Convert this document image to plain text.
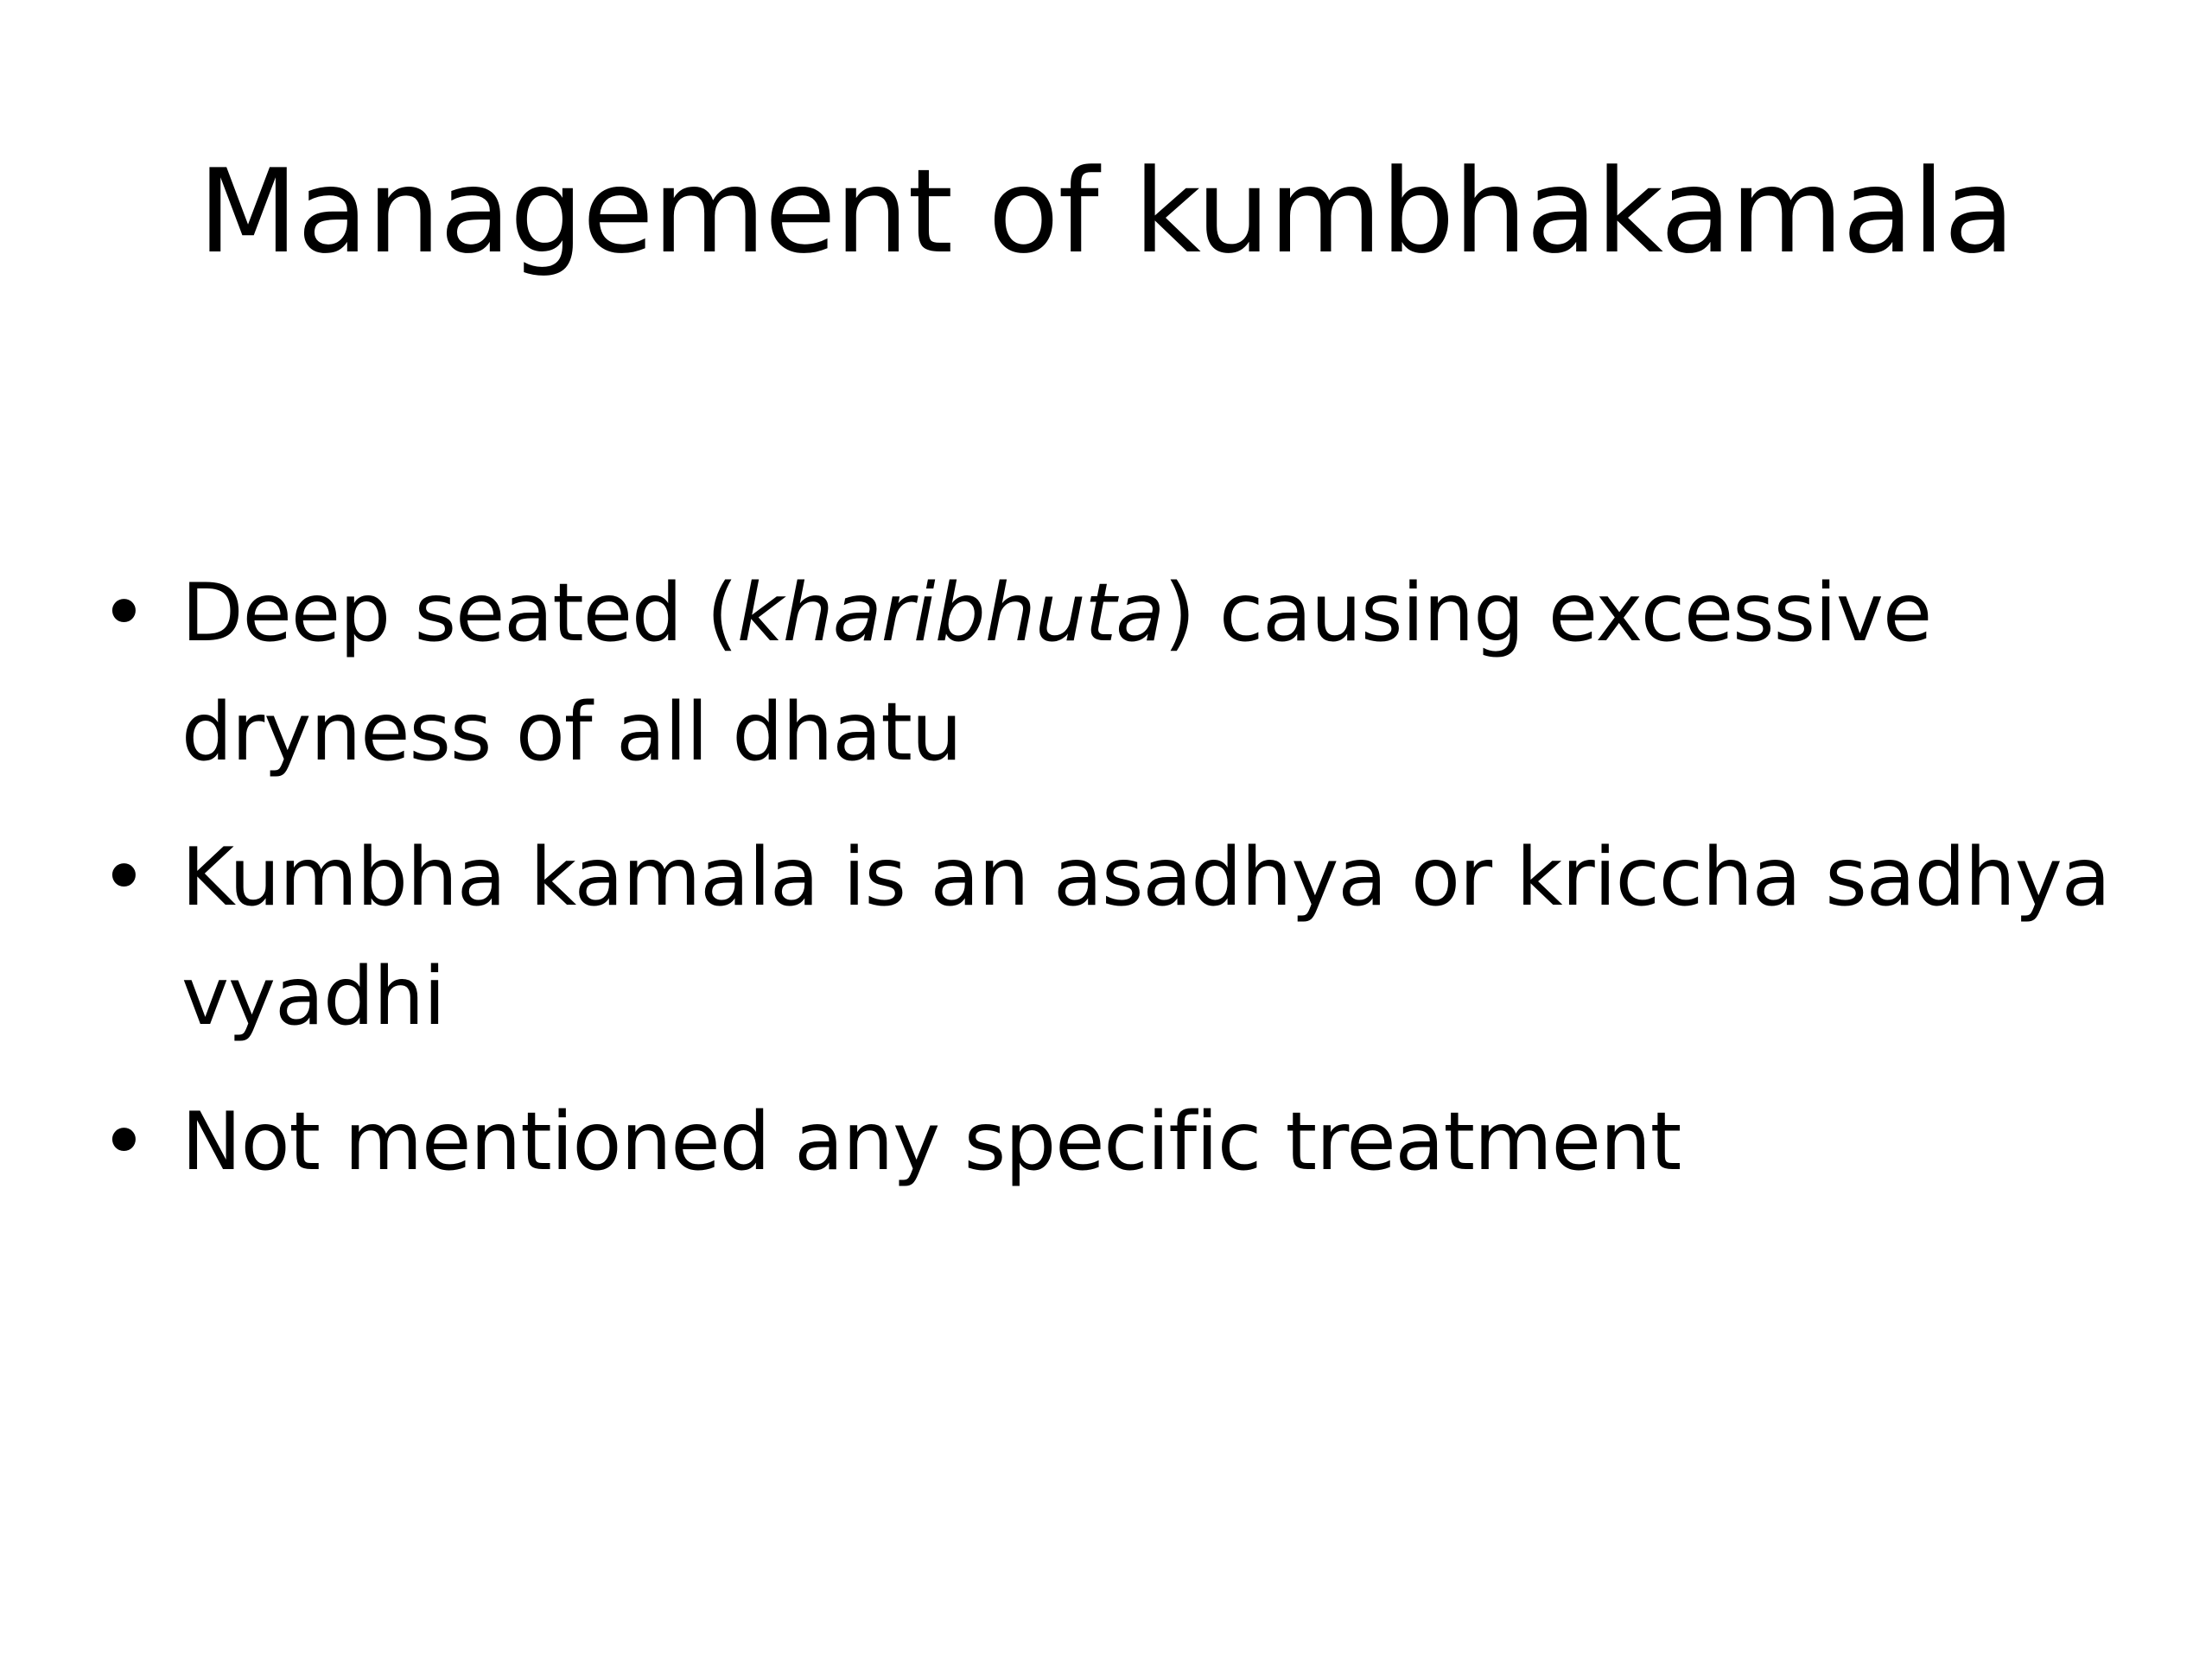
Management of kumbhakamala
• Deep seated (kharibhuta) causing excessive dryness of all dhatu
• Kumbha kamala is an asadhya or kriccha sadhya vyadhi
• Not mentioned any specific treatment
